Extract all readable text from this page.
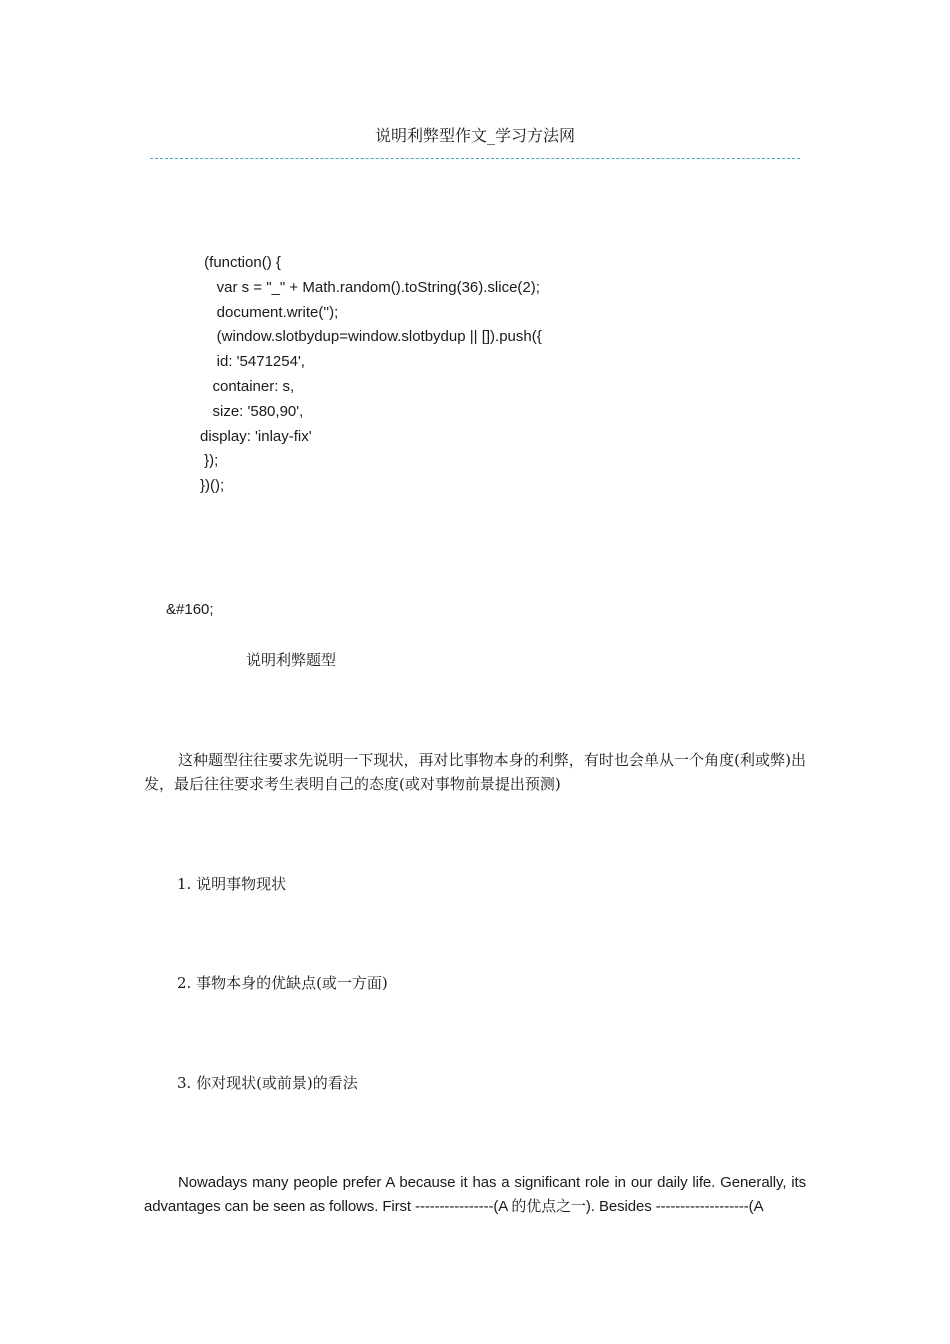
说明利弊型作文_学习方法网
(function() {
var s = "_" + Math.random().toString(36).slice(2);
document.write('');
(window.slotbydup=window.slotbydup || []).push({
id: '5471254',
container: s,
size: '580,90',
display: 'inlay-fix'
});
})();
&#160;
说明利弊题型
这种题型往往要求先说明一下现状，再对比事物本身的利弊，有时也会单从一个角度(利或弊)出发，最后往往要求考生表明自己的态度(或对事物前景提出预测)
1. 说明事物现状
2. 事物本身的优缺点(或一方面)
3. 你对现状(或前景)的看法
Nowadays many people prefer A because it has a significant role in our daily life. Generally, its advantages can be seen as follows. First ----------------(A 的优点之一). Besides -------------------(A
